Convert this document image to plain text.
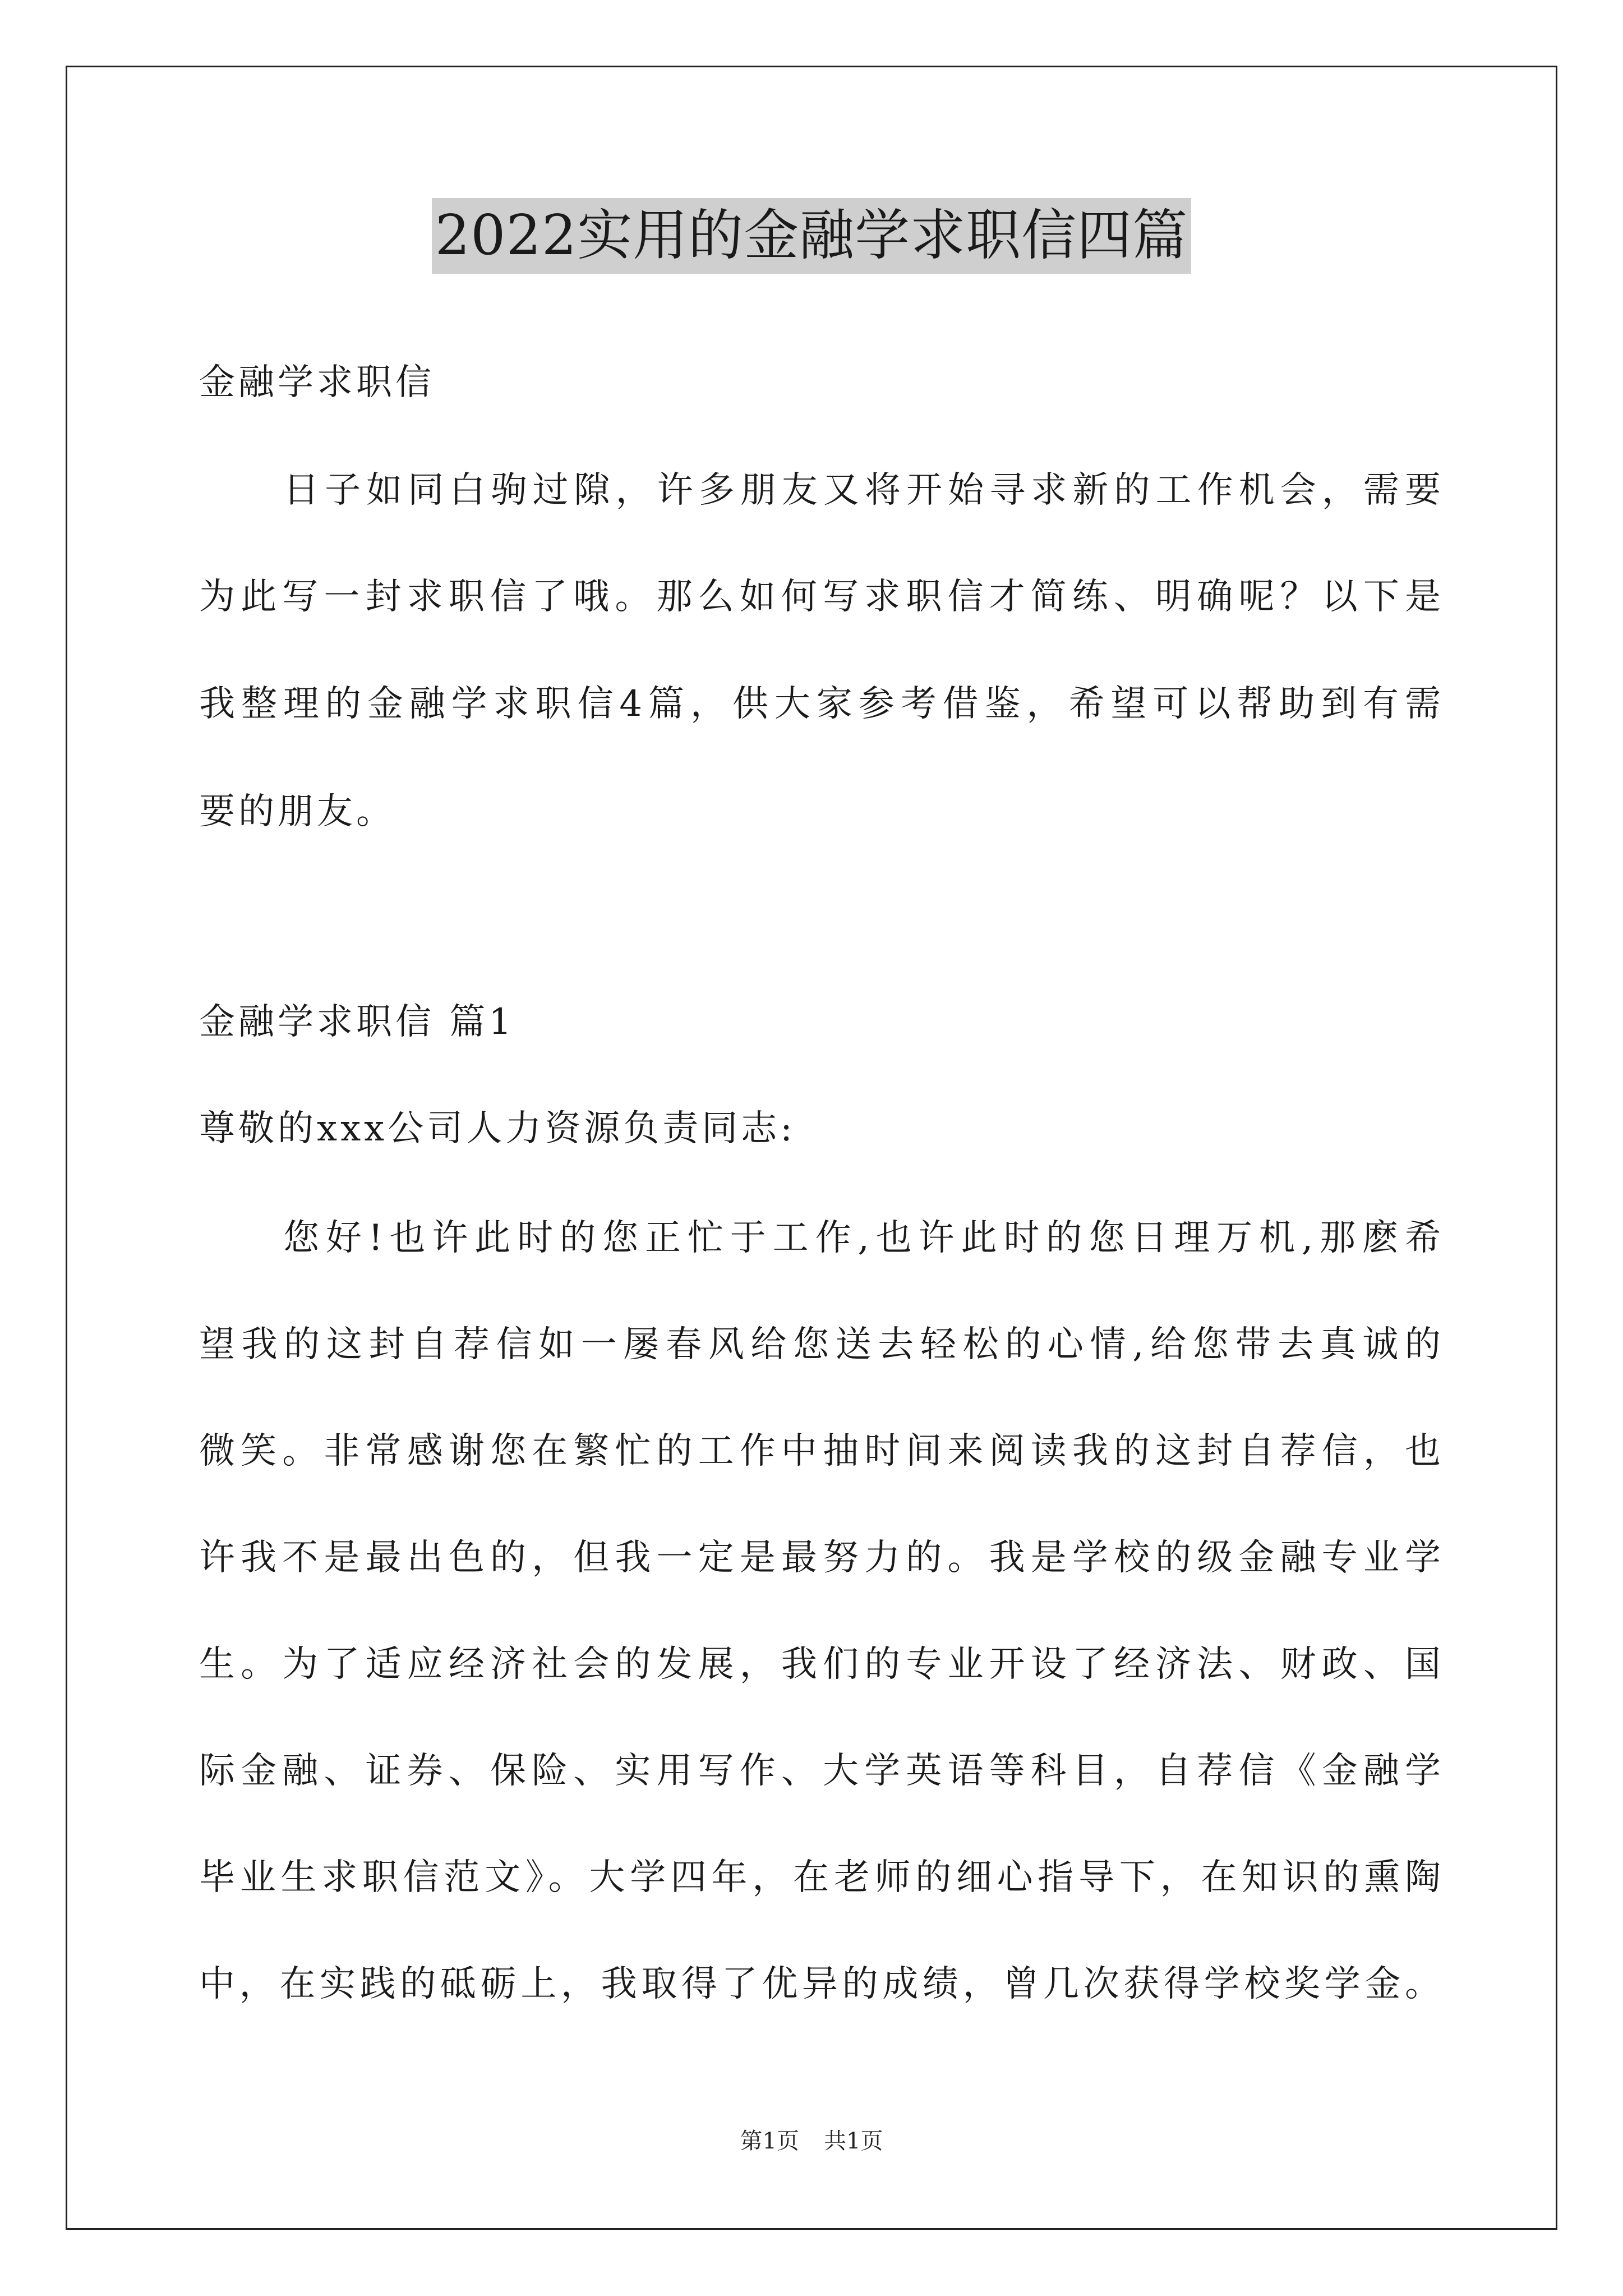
2022实用的金融学求职信四篇
金融学求职信
日子如同白驹过隙，许多朋友又将开始寻求新的工作机会，需要
为此写一封求职信了哦。那么如何写求职信才简练、明确呢？以下是
我整理的金融学求职信4篇，供大家参考借鉴，希望可以帮助到有需
要的朋友。
金融学求职信 篇1
尊敬的xxx公司人力资源负责同志:
您好!也许此时的您正忙于工作,也许此时的您日理万机,那麽希
望我的这封自荐信如一屡春风给您送去轻松的心情,给您带去真诚的
微笑。非常感谢您在繁忙的工作中抽时间来阅读我的这封自荐信，也
许我不是最出色的，但我一定是最努力的。我是学校的级金融专业学
生。为了适应经济社会的发展，我们的专业开设了经济法、财政、国
际金融、证券、保险、实用写作、大学英语等科目，自荐信《金融学
毕业生求职信范文》。大学四年，在老师的细心指导下，在知识的熏陶
中，在实践的砥砺上，我取得了优异的成绩，曾几次获得学校奖学金。
第1页 共1页
